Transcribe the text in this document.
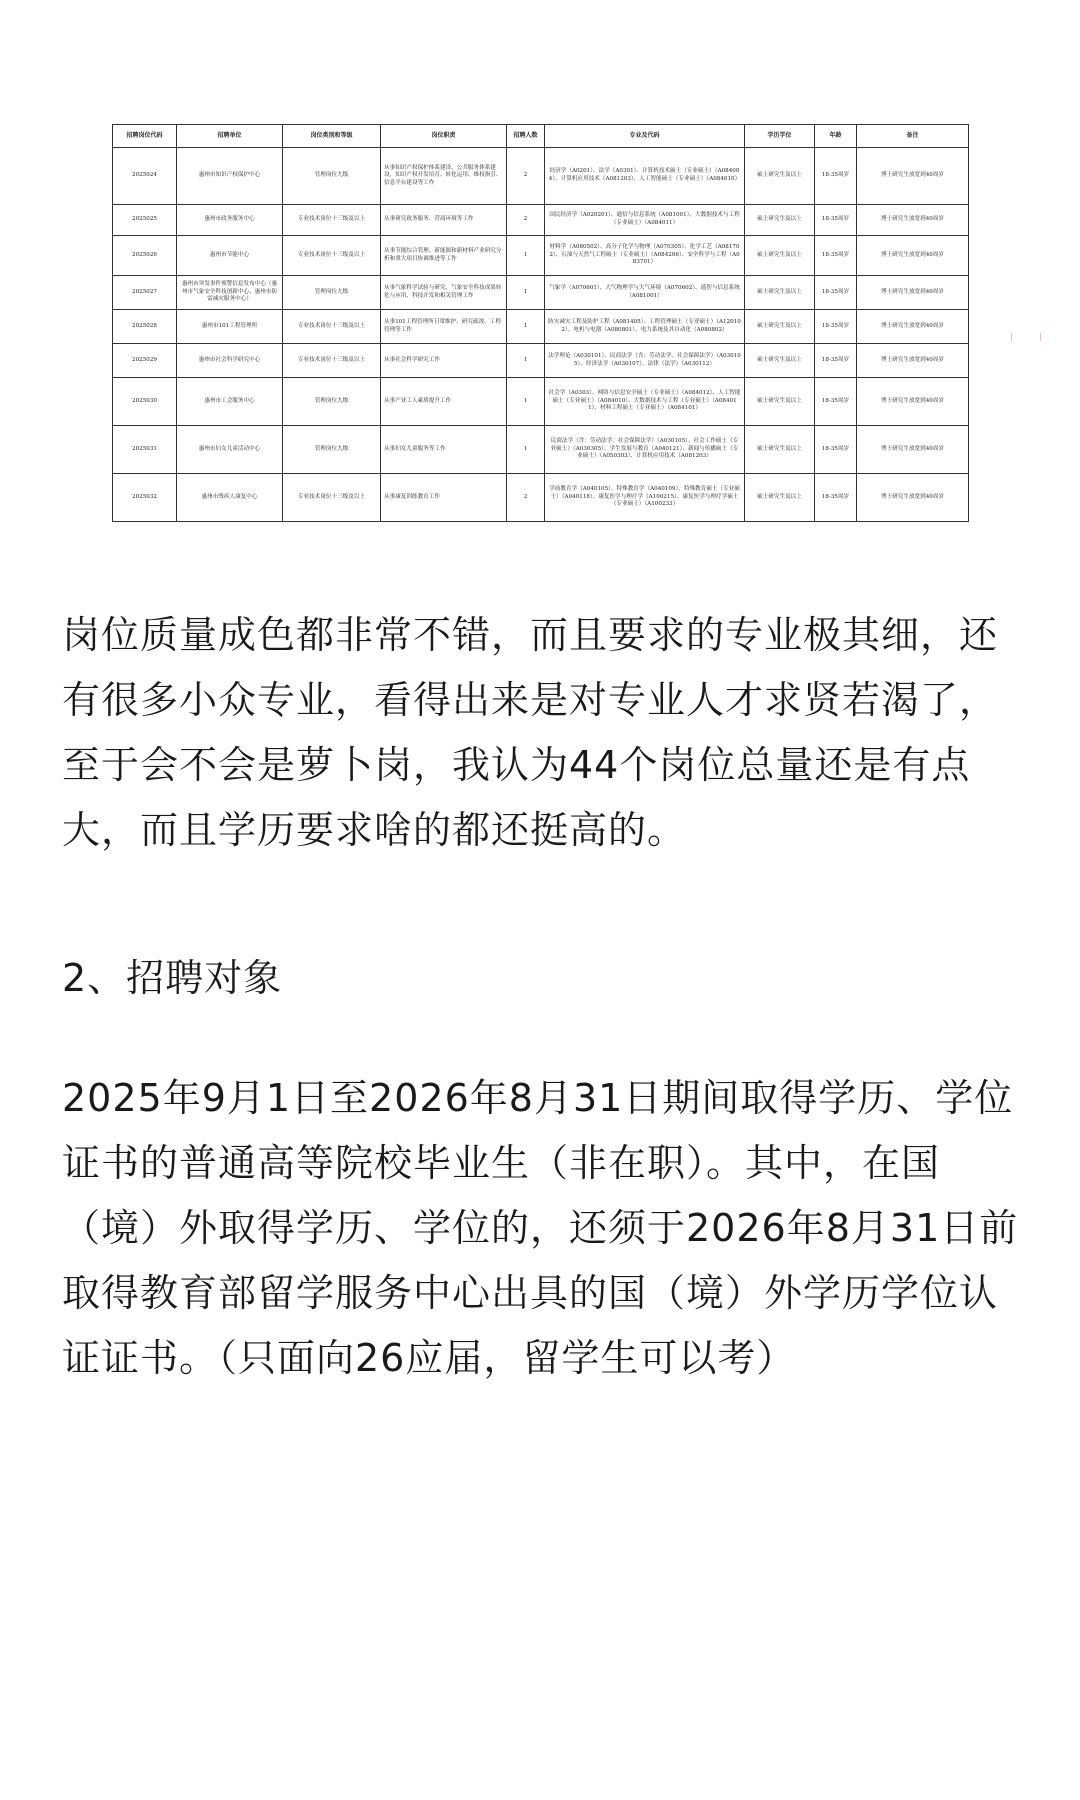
招聘岗位代码	招聘单位	岗位类别和等级	岗位职责	招聘人数	专业及代码	学历学位	年龄	备注
2025024	惠州市知识产权保护中心	管理岗位九级	从事知识产权保护体系建设、公共服务体系建设，知识产权开发培育、转化运用、维权指引、信息平台建设等工作	2	经济学（A0201）、法学（A0301）、计算机技术硕士（专业硕士）（A084004）、计算机应用技术（A081203）、人工智能硕士（专业硕士）（A084010）	硕士研究生及以上	18-35周岁	博士研究生放宽到40周岁
2025025	惠州市政务服务中心	专业技术岗位十三级及以上	从事研究政务服务、营商环境等工作	2	国民经济学（A020201）、通信与信息系统（A081001）、大数据技术与工程（专业硕士）（A084011）	硕士研究生及以上	18-35周岁	博士研究生放宽到40周岁
2025026	惠州市节能中心	专业技术岗位十三级及以上	从事节能综合管理、新能源和新材料产业研究分析和重大项目协调推进等工作	1	材料学（A080502）、高分子化学与物理（A070305）、化学工艺（A081702）、石油与天然气工程硕士（专业硕士）（A084206）、安全科学与工程（A083701）	硕士研究生及以上	18-35周岁	博士研究生放宽到40周岁
2025027	惠州市突发事件预警信息发布中心（惠州市气象安全科技创新中心、惠州市防雷减灾服务中心）	管理岗位九级	从事气象科学试验与研究、气象安全科技成果转化与应用、科技开发和相关管理工作	1	气象学（A070601）、大气物理学与大气环境（A070602）、遥智与信息系统（A081001）	硕士研究生及以上	18-35周岁	博士研究生放宽到40周岁
2025028	惠州市101工程管理所	专业技术岗位十三级及以上	从事101工程管理所日常维护、研究疏浚、工程管理等工作	1	防灾减灾工程及防护工程（A081405）、工程管理硕士（专业硕士）（A120102）、电机与电器（A080801）、电力系统及其自动化（A080802）	硕士研究生及以上	18-35周岁	博士研究生放宽到40周岁
2025029	惠州市社会科学研究中心	专业技术岗位十三级及以上	从事社会科学研究工作	1	法学理论（A030101）、民商法学（含：劳动法学、社会保障法学）（A030105）、经济法学（A030107）、法律（法学）（A030112）	硕士研究生及以上	18-35周岁	博士研究生放宽到40周岁
2025030	惠州市工会服务中心	管理岗位九级	从事产业工人素质提升工作	1	社会学（A0303）、网络与信息安全硕士（专业硕士）（A084012）、人工智能硕士（专业硕士）（A084010）、大数据技术与工程（专业硕士）（A084011）、材料工程硕士（专业硕士）（A084101）	硕士研究生及以上	18-35周岁	博士研究生放宽到40周岁
2025031	惠州市妇女儿童活动中心	管理岗位九级	从事妇女儿童服务等工作	1	民商法学（含：劳动法学、社会保障法学）（A030105）、社会工作硕士（专业硕士）（A030305）、学生发展与教育（A040121）、新闻与传播硕士（专业硕士）（A050303）、计算机应用技术（A081203）	硕士研究生及以上	18-35周岁	博士研究生放宽到40周岁
2025032	惠州市残疾人康复中心	专业技术岗位十三级及以上	从事康复训练教育工作	2	学前教育学（A040105）、特殊教育学（A040109）、特殊教育硕士（专业硕士）（A040118）、康复医学与理疗学（A100215）、康复医学与理疗学硕士（专业硕士）（A100233）	硕士研究生及以上	18-35周岁	博士研究生放宽到40周岁
❘ ❘

岗位质量成色都非常不错，而且要求的专业极其细，还有很多小众专业，看得出来是对专业人才求贤若渴了，至于会不会是萝卜岗，我认为44个岗位总量还是有点大，而且学历要求啥的都还挺高的。

2、招聘对象

2025年9月1日至2026年8月31日期间取得学历、学位证书的普通高等院校毕业生（非在职）。其中，在国（境）外取得学历、学位的，还须于2026年8月31日前取得教育部留学服务中心出具的国（境）外学历学位认证证书。（只面向26应届，留学生可以考）
